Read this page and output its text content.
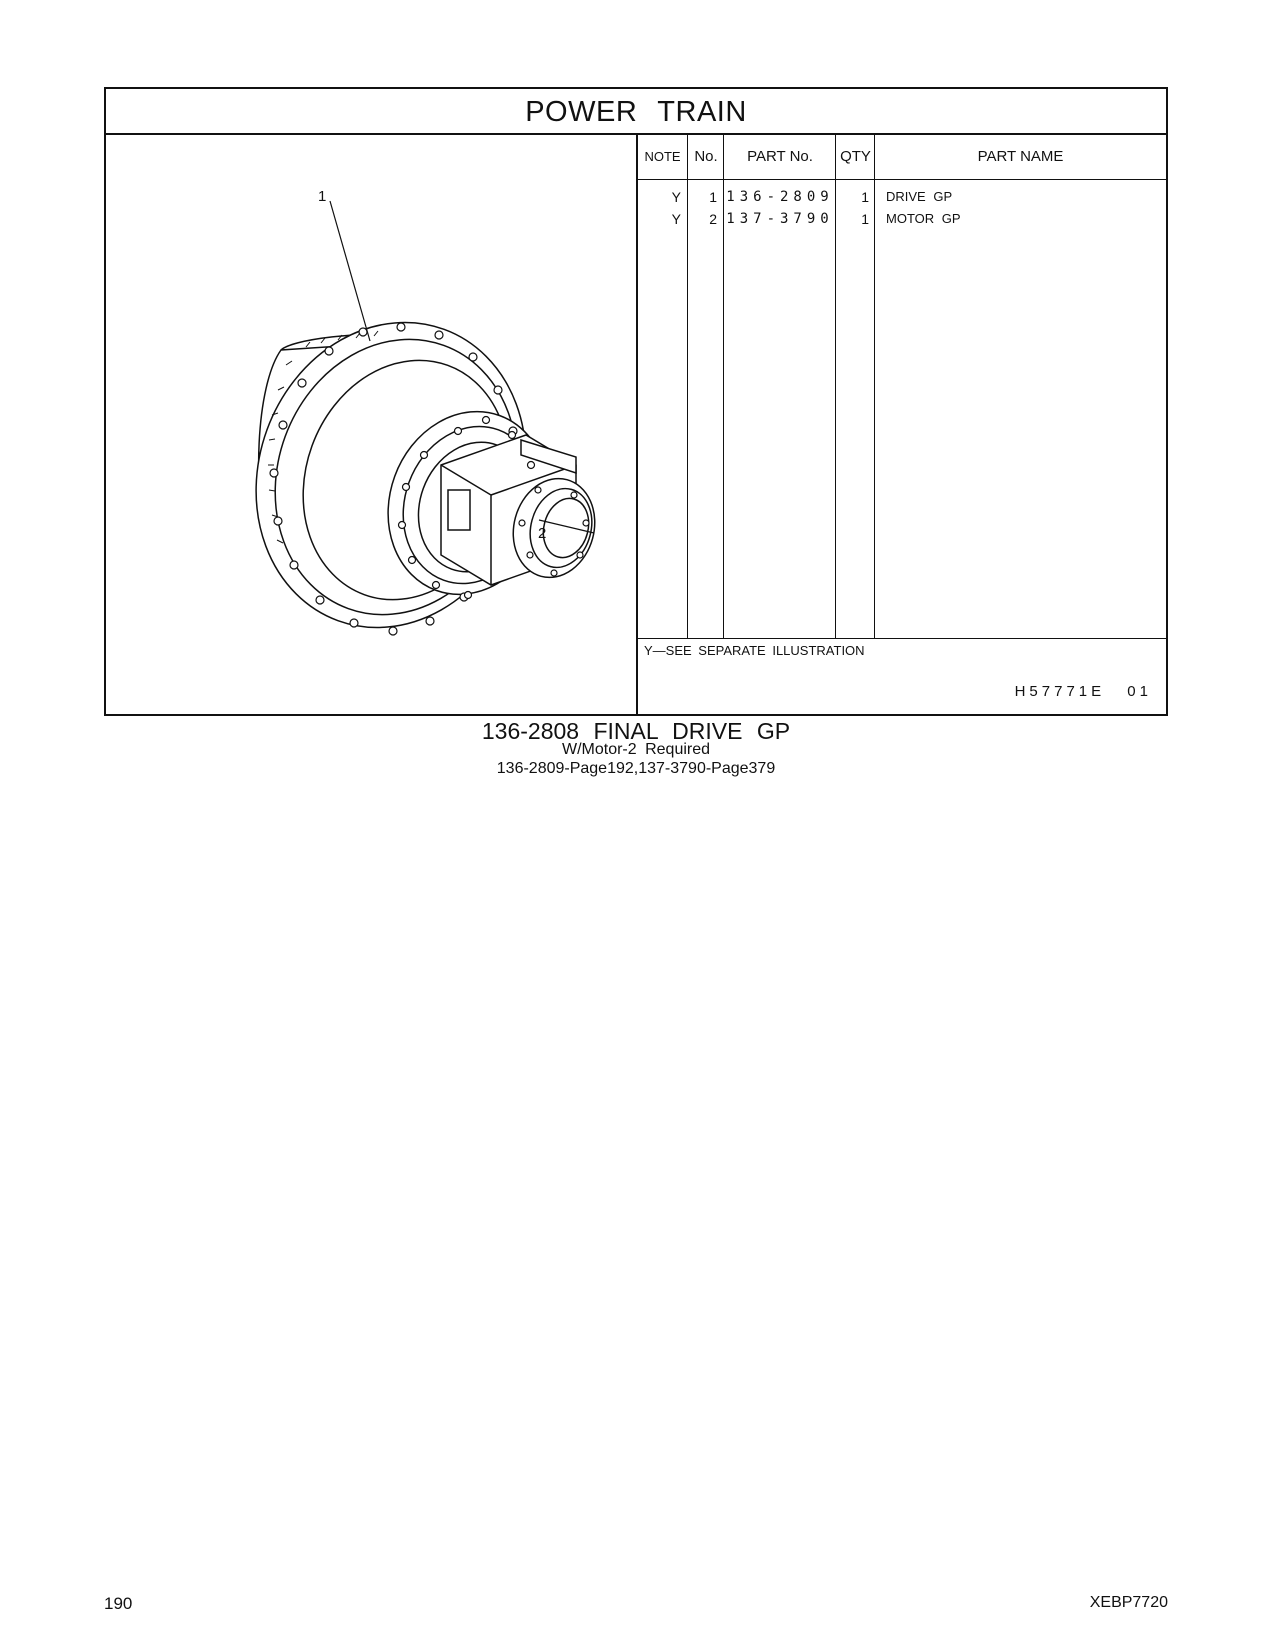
POWER TRAIN
1
2
NOTE No.	PART No.	QTY	PART NAME
Y	1 136-2809	1 DRIVE GP
Y	2 137-3790	1 MOTOR GP
Y—SEE SEPARATE ILLUSTRATION
H57771E 01
136-2808 FINAL DRIVE GP
W/Motor-2 Required
136-2809-Page192,137-3790-Page379
190	XEBP7720
